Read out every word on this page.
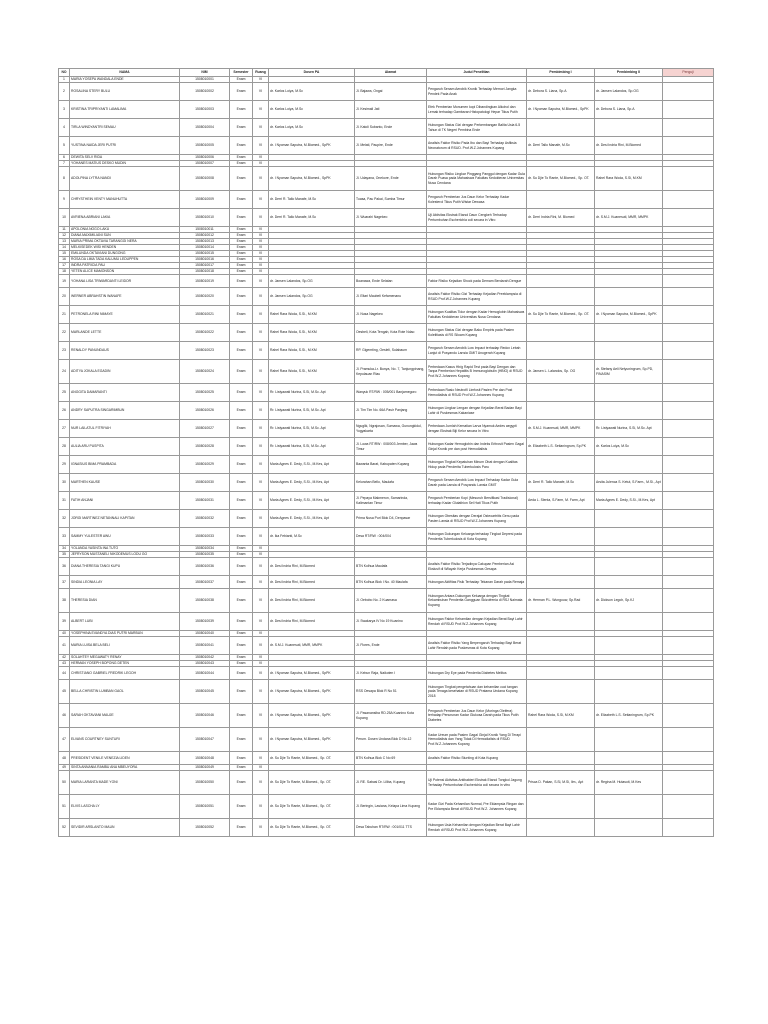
NO	NAMA	NIM	Semester	Ruang	Dosen PA	Alamat	Judul Penelitian	Pembimbing I	Pembimbing II	Penguji
1	MARIA YOSEPA WANDALA ENDE	1508010001	Enam	VI						
2	ROSALINA STERY BULU	1508010002	Enam	VI	dr. Karlos Loiya, M.Sc	Jl. Bajawa, Ongai	Pengaruh Senam Aerobik Kronik Terhadap Memori Jangka Pendek Pada Anak	dr. Debora S. Liana, Sp.A	dr. Jansen Lalandos, Sp.OG	
3	KRISTINA TRIPRIYANTI LAMALIMA	1508010003	Enam	VI	dr. Karlos Loiya, M.Sc	Jl. Kesimali Jati	Efek Pemberian Monumen kopi Dibandingkan Alkohol dan Lemak terhadap Gambaran Histopatologi Hepar Tikus Putih	dr. I Nyoman Saputra, M.Biomed., SpPK	dr. Debora S. Liana, Sp.A	
4	TIRLA WINDYANTRI SEMAU	1508010004	Enam	VI	dr. Karlos Loiya, M.Sc	Jl. Katoli Subanto, Ende	Hubungan Status Gizi dengan Perkembangan Balita Usia 6-5 Tahun di TK Negeri Pembina Ende			
5	YUSTINA NAIDA JERI PUTRI	1508010005	Enam	VI	dr. I Nyoman Saputra, M.Biomed., SpPK	Jl. Melati, Paupire, Ende	Analisis Faktor Risiko Pada Ibu dan Bayi Terhadap Asfiksia Neonatorum di RSUD. Prof.W.Z.Johannes Kupang	dr. Derri Tallo Manafe, M.Sc	dr. Desi Indria Rini, M.Biomed	
6	DEWITA SELV RIDA	1508010006	Enam	VI						
7	YOHANES MATIUS DESKO MUDIN	1508010007	Enam	VI						
8	ADOLPINA LYTRA NANDI	1508010008	Enam	VI	dr. I Nyoman Saputra, M.Biomed., SpPK	Jl. Udayana, Onekore, Ende	Hubungan Risiko Lingkar Pinggang Panggul dengan Kadar Gula Darah Puasa pada Mahasiswa Fakultas Kedokteran Universitas Nusa Cendana	dr. Su Djie To Rante, M.Biomed., Sp. OT.	Rahel Rara Woda, S.Si, M.KM	
9	CHRYSTHEIN VENTY MANUHUTTA	1508010009	Enam	VI	dr. Derri R. Tallo Manafe, M.Sc	Tuasa, Pau Pakai, Sumba Timur	Pengaruh Pemberian Jus Daun Kelor Terhadap Kadar Kolesterol Tikus Putih Wistar Dewasa			
10	AVRIENA ABRIANI LAKIA	1508010010	Enam	VI	dr. Derri R. Tallo Manafe, M.Sc	Jl. Wuarahi Nagekeo	Uji Aktivitas Ekstrak Etanol Daun Cengkeh Terhadap Pertumbuhan Escherichia coli secara in Vitro	dr. Derri Indria Rini, M. Biomed	dr. S.M.J. Kuanesuti, MMR, MMPK	
11	APOLONIA NOGO LAKU	1508010011	Enam	VI						
12	DIANA MAXIMILIANI SUN	1508010012	Enam	VI						
13	MARIA PRIMA OKTAVIA TARANGGI NERA	1508010013	Enam	VI						
14	MELKISEDEK WISI HENDEN	1508010014	Enam	VI						
15	EMILUNDA OKTAVIANI DUNGONG	1508010015	Enam	VI						
16	ROSA DA LIMA TADA KALUMU LEDUPPEN	1508010016	Enam	VI						
17	INDRA PATRICIA PAU	1508010017	Enam	VI						
18	YETEN ALICE MAMONSON	1508010018	Enam	VI						
19	YOHANA LISA TRIWARDANTI LEIDOR	1508010019	Enam	VI	dr. Jansen Lalandos, Sp.OG	Boanawa, Ende Selatan	Faktor Risiko Kejadian Shock pada Demam Berdarah Dengue			
20	WERNER ABRAHSTIN WANAFE	1508010020	Enam	VI	dr. Jansen Lalandos, Sp.OG	Jl. Eltari Maubeli Kefamenanu	Analisis Faktor Risiko Gizi Terhadap Kejadian Preeklampsia di RSUD Prof.W.Z.Johannes Kupang			
21	PETRONELA RINI NIMAYE	1508010021	Enam	VI	Rahel Rara Woda, S.Si., M.KM	Jl. Nusa Nagekeo	Hubungan Kualitas Tidur dengan Kadar Hemoglobin Mahasiswa Fakultas Kedokteran Universitas Nusa Cendana	dr. Su Djie To Rante, M.Biomed., Sp. OT.	dr. I Nyoman Saputra, M.Biomed., SpPK	
22	MARLANDE LETTE	1508010022	Enam	VI	Rahel Rara Woda, S.Si., M.KM	Oesbeli, Kota Tengah, Kota Rote Ndao	Hubungan Status Gizi dengan Baku Empiris pada Pasien Kolelitiasis di RS Siloam Kupang			
23	RENALDY PANUNDAUS	1508010023	Enam	VI	Rahel Rara Woda, S.Si., M.KM	RP. Gigemting, Oesleli, Sulabaum	Pengaruh Senam Aerobik Low Impact terhadap Redox Lebah Lanjut di Posyandu Lansia GMIT Anugerah Kupang			
24	ADITYA JOKALA EGADIN	1508010024	Enam	VI	Rahel Rara Woda, S.Si., M.KM	Jl. Pramuka-Lr. Bunya, No. 7, Tanjungpinang, Kepulauan Riau	Perbedaan Kasus Hb/g Rapid Test pada Bayi Dengan dan Tanpa Pemberian Hepatitis B Immunoglobulin (HBIG) di RSUD Prof.W.Z.Johannes Kupang	dr. Jansen L. Lalandos, Sp. OG	dr. Stefany Aeli Nelyuningrum, Sp.PD, FINASIM	
25	ANGGITA DAMARANTI	1508010025	Enam	VI	Rr. Listyawati Nurina, S.Si, M.Sc. Apt	Wanyuk RT/RW : 005/001 Banjarnegoro	Perbedaan Rasio Neutrofil Limfosit Pasien Pre dan Post Hemodialisis di RSUD Prof.W.Z.Johannes Kupang			
26	ANDRY SAPUTRA SINGARIMBUN	1508010026	Enam	VI	Rr. Listyawati Nurina, S.Si, M.Sc. Apt	Jl. Tim Tim No. 66A Pasir Panjang	Hubungan Lingkar Lengan dengan Kejadian Berat Badan Bayi Lahir di Puskesmas Kakaniase			
27	NUR LAILATUL FITRIYAH	1508010027	Enam	VI	Rr. Listyawati Nurina, S.Si, M.Sc. Apt	Nguglik, Ngrajosan, Sumawa, Gunungkidul, Yogyakarta	Perbedaan Jumlah Kematian Larva Nyamuk Aedes aegypti dengan Ekstrak Biji Kelor secara In Vitro	dr. S.M.J. Kuanesuti, MMR, MMPK	Rr. Listyawati Nurina, S.Si, M.Sc. Apt	
28	AULIA ARU PUSPITA	1508010028	Enam	VI	Rr. Listyawati Nurina, S.Si, M.Sc. Apt	Jl. Lowa RT/RW : 008/003 Jember, Jawa Timur	Hubungan Kadar Hemoglobin dan Indeks Eritrosit Pasien Gagal Ginjal Kronik pre dan post Hemodialisis	dr. Elizabeth L.S. Setianingrum, Sp.PK	dr. Karlos Loiya, M.Sc	
29	IGNASIUS BIMA PRAMBADA	1508010029	Enam	VI	Maria Agnes E. Dedy, S.Si., M.Kes, Apt	Bawanta Barat, Kabupaten Kupang	Hubungan Tingkat Kepatuhan Minum Obat dengan Kualitas Hidup pada Penderita Tuberkulosis Paru			
30	MARTHEN KAUSE	1508010030	Enam	VI	Maria Agnes E. Dedy, S.Si., M.Kes, Apt	Kelurahan Bello, Maulafa	Pengaruh Senam Aerobik Low Impact Terhadap Kadar Gula Darah pada Lansia di Posyandu Lansia GMIT	dr. Derri R. Tallo Manafe, M.Sc	Arsita Julenca S. Ketut, S.Farm., M.Si., Apt	
31	FATIH ANJANI	1508010031	Enam	VI	Maria Agnes E. Dedy, S.Si., M.Kes, Apt	Jl. Pepaya Makmeron, Samarinda, Kalimantan Timur	Pengaruh Pemberian Kopi (Mesuruh Bersifikasi Tradisional) terhadap Kadar Glutathion Sel Hati Tikus Putih	Aeda L. Slenta, S.Farm, M. Farm, Apt	Maria Agnes E. Dedy, S.Si., M.Kes, Apt	
32	JORGI MARTINEZ NETANNALI KAPITAN	1508010032	Enam	VI	Maria Agnes E. Dedy, S.Si., M.Kes, Apt	Prima Nusa Puri Blok D4, Denpasar	Hubungan Obesitas dengan Derajat Osteoartritis Genu pada Pasien Lansia di RSUD Prof.W.Z.Johannes Kupang			
33	SAMMY YULESTER AWU	1508010033	Enam	VI	dr. Ika Febianti, M.Sc	Desa RT/RW : 004/004	Hubungan Dukungan Keluarga terhadap Tingkat Depresi pada Penderita Tuberkulosis di Kota Kupang			
34	YOLANDA YASINTA INA TUTO	1508010034	Enam	VI						
35	JEFRYSON MUSTANELI NIKODEMUS LODU GO	1508010035	Enam	VI						
36	DIANA THERESIA TANGI KUPU	1508010036	Enam	VI	dr. Desi Indria Rini, M.Biomed	BTN Kolhua Maulafa	Analisis Faktor Risiko Terjadinya Cakupan Pemberian Asi Ekslusif di Wilayah Kerja Puskesmas Oesapa			
37	SINDIA LEONIA LAY	1508010037	Enam	VI	dr. Desi Indria Rini, M.Biomed	BTN Kolhua Blok I No. 40 Maulafa	Hubungan Aktifitas Fisik Terhadap Tekanan Darah pada Remaja			
38	THERESIA DIAN	1508010038	Enam	VI	dr. Desi Indria Rini, M.Biomed	Jl. Oebobo No. 2 Kuamasa	Hubungan Antara Dukungan Keluarga dengan Tingkat Kekambuhan Penderita Gangguan Skizofrenia di RSJ Naimata Kupang	dr. Herman P.L. Wungouw, Sp.Rad	dr. Dickson Legoh, Sp.KJ	
39	ALBERT LUBI	1508010039	Enam	VI	dr. Desi Indria Rini, M.Biomed	Jl. Swakarya IV No 19 Kuanino	Hubungan Faktor Kehamilan dengan Kejadian Berat Bayi Lahir Rendah di RSUD Prof.W.Z.Johannes Kupang			
40	YOSEPHINA EVANDYA DIAS PUTRI MARBUN	1508010040	Enam	VI						
41	MARIA LUISA BELA BELI	1508010041	Enam	VI	dr. S.M.J. Kuanesuti, MMR, MMPK	Jl. Flores, Ende	Analisis Faktor Risiko Yang Berpengaruh Terhadap Bayi Berat Lahir Rendah pada Puskesmas di Kota Kupang			
42	SOLAHTEY MEGAWATY RENAY	1508010042	Enam	VI						
43	HERMAN YOSEPH BOPONG DETEN	1508010043	Enam	VI						
44	CHRISTIANO GABRIEL FREDRIK LEGOH	1508010044	Enam	VI	dr. I Nyoman Saputra, M.Biomed., SpPK	Jl. Kebun Raja, Naikoten I	Hubungan Dry Eye pada Penderita Diabetes Melitus			
45	BELLA CHRISTIN LUMBAN GAOL	1508010045	Enam	VI	dr. I Nyoman Saputra, M.Biomed., SpPK	RSS Oesapa Blok R No 51	Hubungan Tingkat pengetahuan dan kehamilan cuci tangan pada Tenaga kesehatan di RSUD Pratama Undana Kupang 2018			
46	SARAH OKTAVIANI MAUJE	1508010046	Enam	VI	dr. I Nyoman Saputra, M.Biomed., SpPK	Jl. Pasanansiba RD.25A Kuanino Kota Kupang	Pengaruh Pemberian Jus Daun Kelor (Moringa Oleifera) terhadap Penurunan Kadar Glukosa Darah pada Tikus Putih Diabetes	Rahel Rara Woda, S.Si, M.KM	dr. Elizabeth L.S. Setianingrum, Sp.PK	
47	ELVANS COURTNEY SUNTURI	1508010047	Enam	VI	dr. I Nyoman Saputra, M.Biomed., SpPK	Perum. Dosen Undana Blok D No.12	Kadar Ureum pada Pasien Gagal Ginjal Kronik Yang Di Terapi Hemodialisis dan Yang Tidak Di Hemodialisis di RSUD Prof.W.Z.Johannes Kupang			
48	PRESIDENT VENILE VENEZIA LIDEN	1508010048	Enam	VI	dr. Su Djie To Rante, M.Biomed., Sp. OT.	BTN Kolhua Blok C No 69	Analisis Faktor Risiko Stunting di Kota Kupang			
49	SINTA ANNANIA RAMBU ANA MBEUYORA	1508010049	Enam	VI						
50	MARIA LARANTA MADE YONI	1508010050	Enam	VI	dr. Su Djie To Rante, M.Biomed., Sp. OT.	Jl. RE. Sabasi Dr. Liliba, Kupang	Uji Potensi Aktivitas Antibakteri Ekstrak Etanol Tongkol Jagung Terhadap Pertumbuhan Escherichia coli secara in vitro	Prisca D. Pakan, S.Si, M.Si, Ilm., Apt	dr. Regina M. Hutasoit, M.Kes	
51	ELVIS LASCHA LY	1508010051	Enam	VI	dr. Su Djie To Rante, M.Biomed., Sp. OT.	Jl. Beringin, Lasiana, Kelapa Lima Kupang	Kadar Gizi Pada Kehamilan Normal, Pre Eklampsia Ringan dan Pre Eklampsia Berat di RSUD Prof.W.Z. Johannes Kupang			
52	SEVIDIR ARSLANTO MAUN	1508010052	Enam	VI	dr. Su Djie To Rante, M.Biomed., Sp. OT.	Desa Tabuhan RT/RW : 001/011 TTS	Hubungan Usia Kehamilan dengan Kejadian Berat Bayi Lahir Rendah di RSUD Prof.W.Z.Johannes Kupang			
